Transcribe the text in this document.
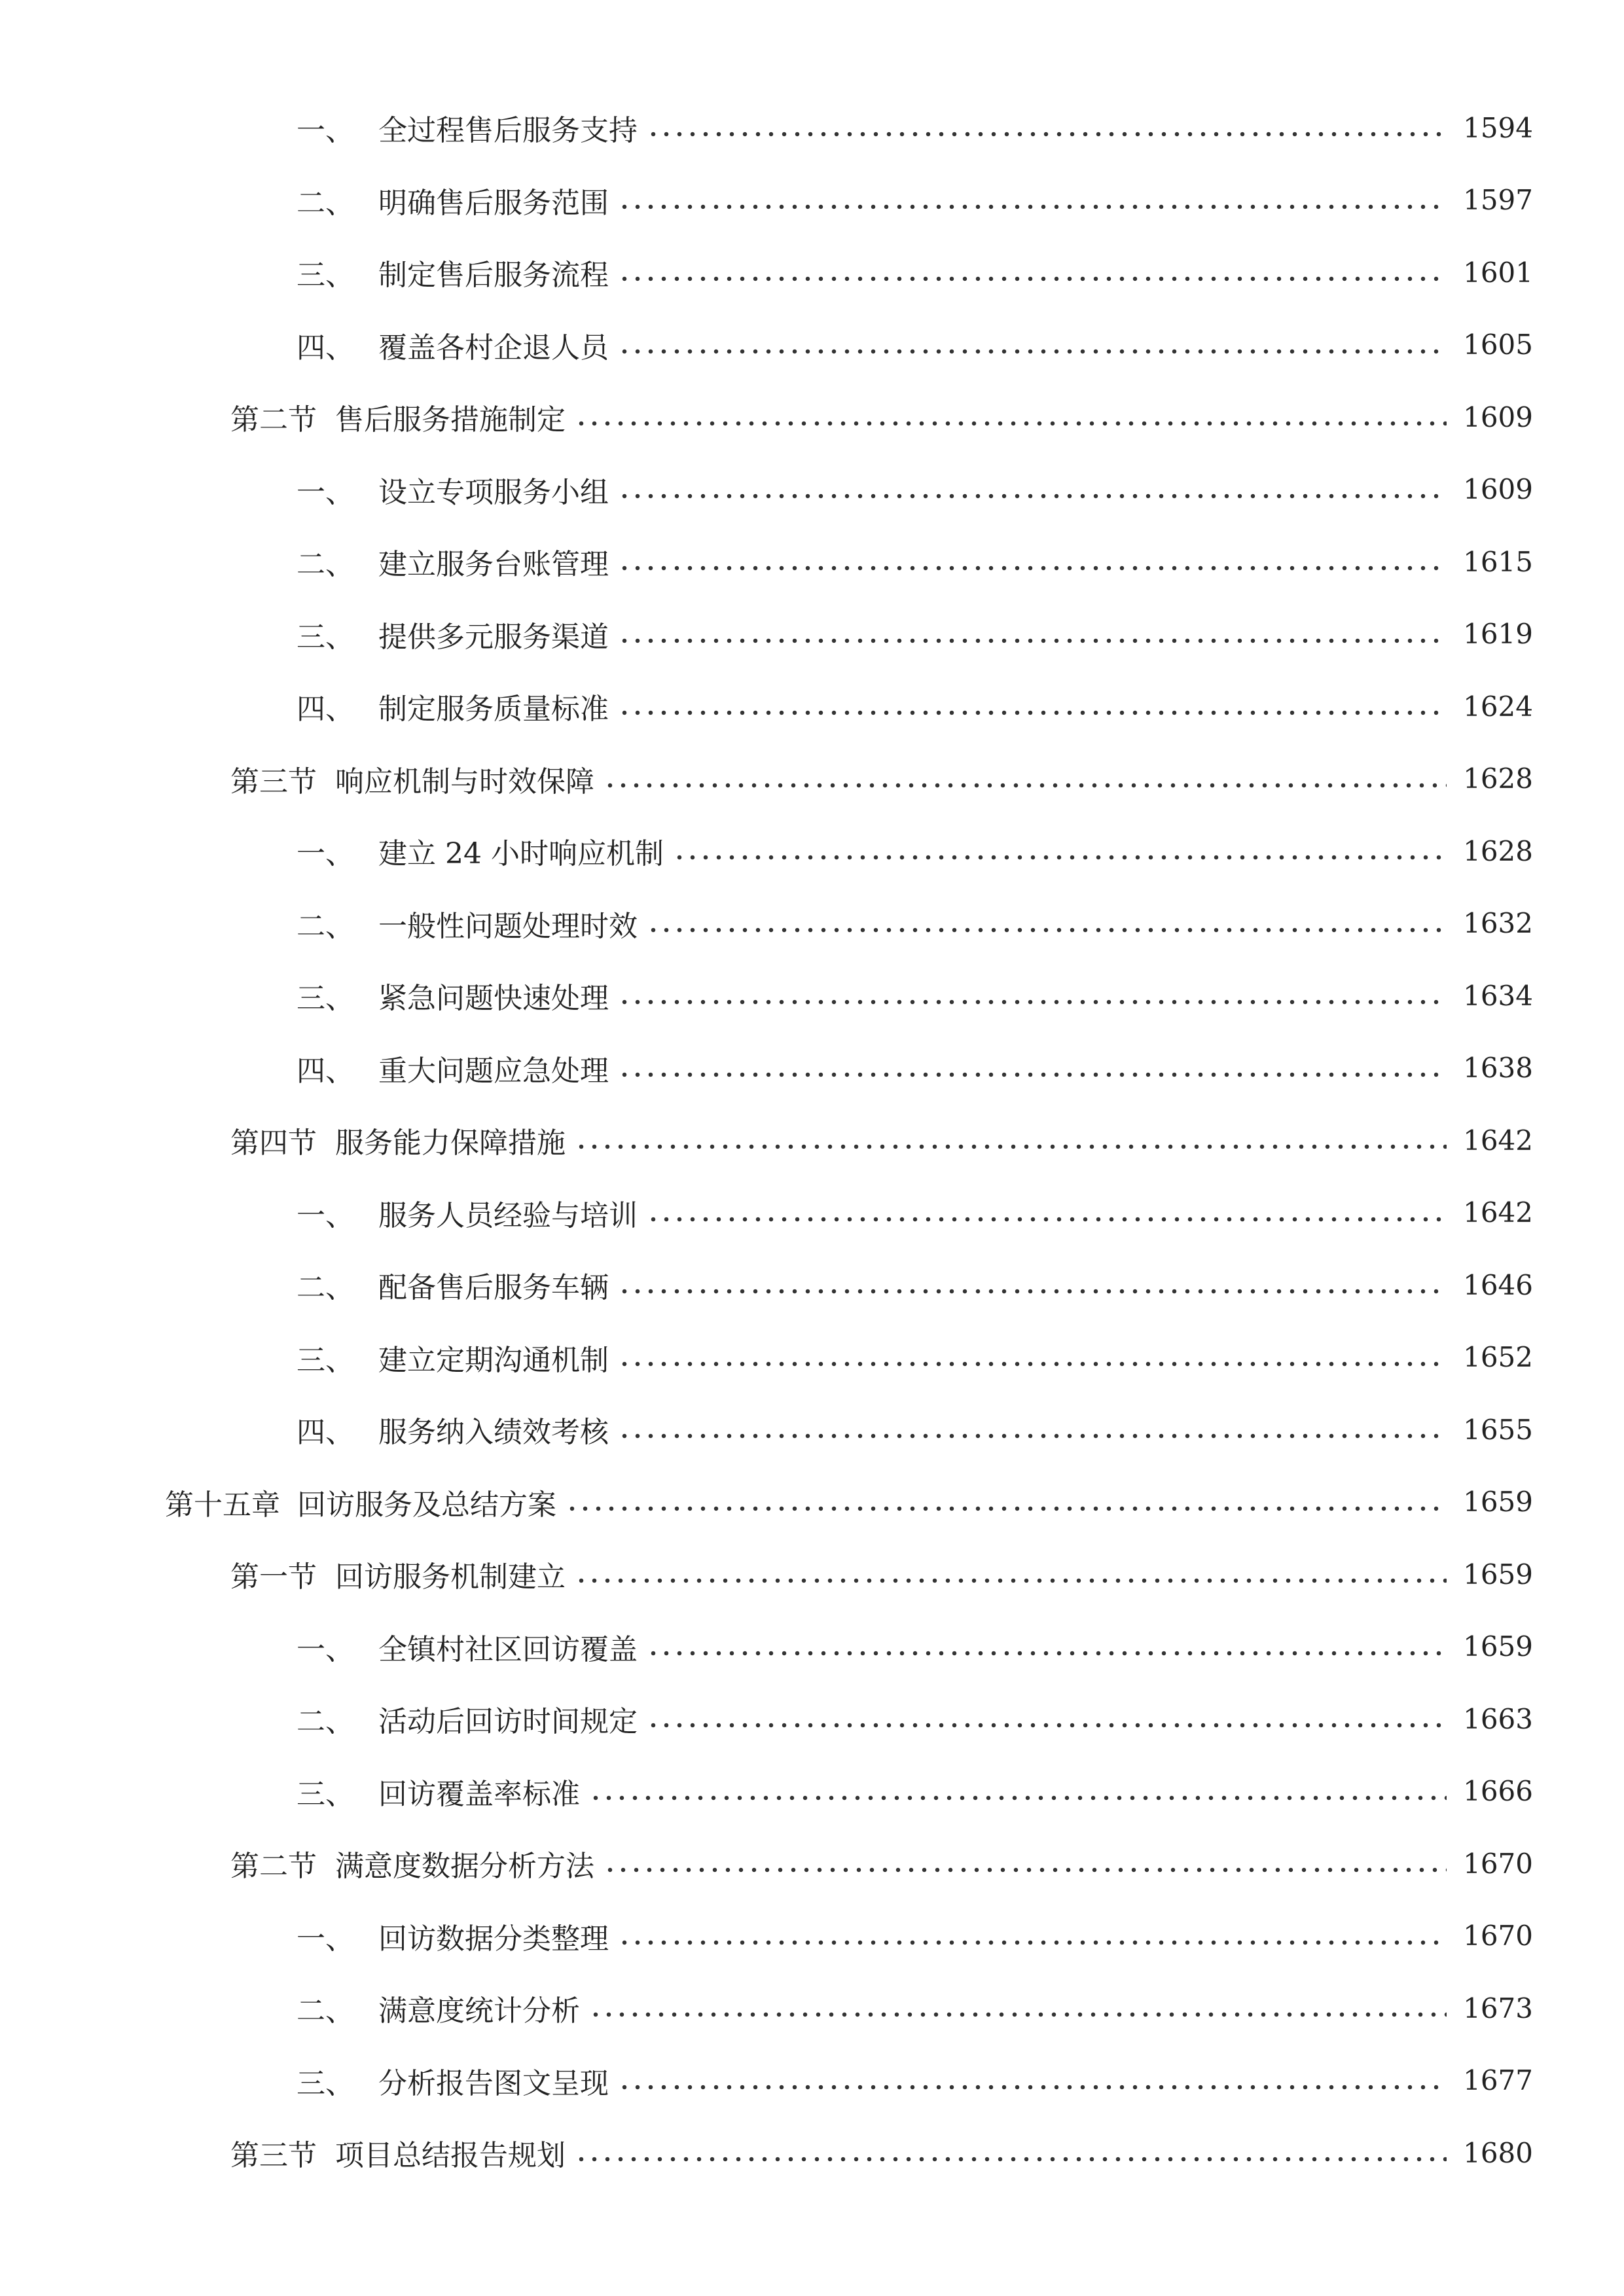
一、 全过程售后服务支持	1594
二、 明确售后服务范围	1597
三、 制定售后服务流程	1601
四、 覆盖各村企退人员	1605
第二节 售后服务措施制定	1609
一、 设立专项服务小组	1609
二、 建立服务台账管理	1615
三、 提供多元服务渠道	1619
四、 制定服务质量标准	1624
第三节 响应机制与时效保障	1628
一、 建立 24 小时响应机制	1628
二、 一般性问题处理时效	1632
三、 紧急问题快速处理	1634
四、 重大问题应急处理	1638
第四节 服务能力保障措施	1642
一、 服务人员经验与培训	1642
二、 配备售后服务车辆	1646
三、 建立定期沟通机制	1652
四、 服务纳入绩效考核	1655
第十五章 回访服务及总结方案	1659
第一节 回访服务机制建立	1659
一、 全镇村社区回访覆盖	1659
二、 活动后回访时间规定	1663
三、 回访覆盖率标准	1666
第二节 满意度数据分析方法	1670
一、 回访数据分类整理	1670
二、 满意度统计分析	1673
三、 分析报告图文呈现	1677
第三节 项目总结报告规划	1680
